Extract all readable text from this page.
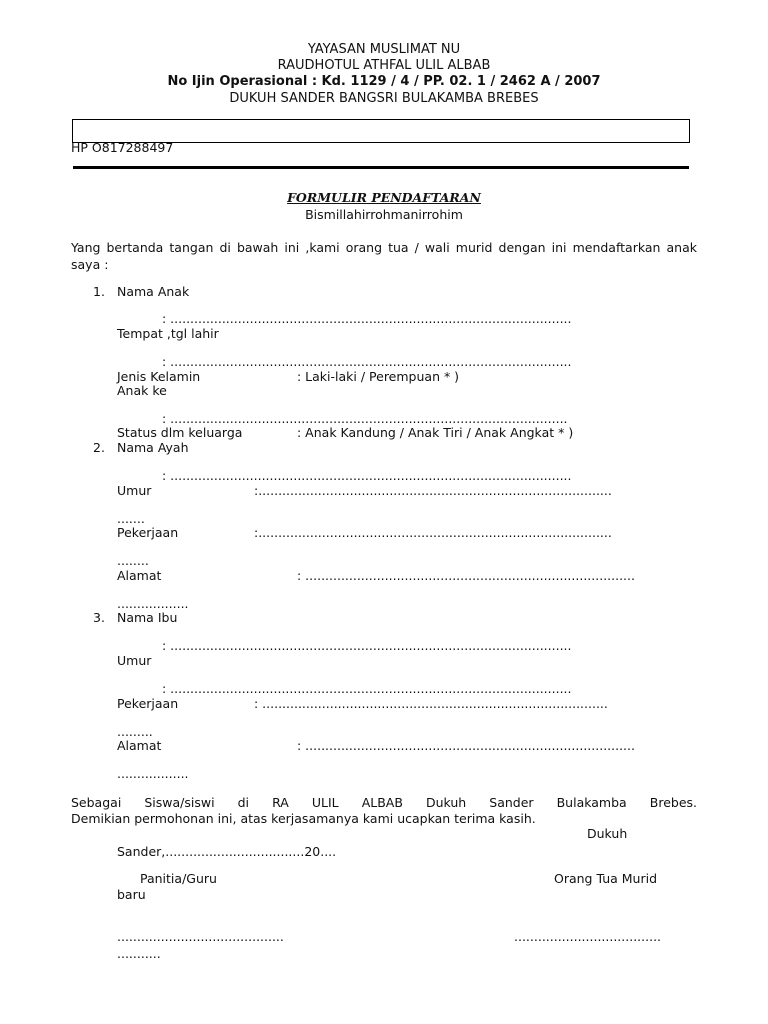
YAYASAN MUSLIMAT NU
RAUDHOTUL ATHFAL ULIL ALBAB
No Ijin Operasional : Kd. 1129 / 4 / PP. 02. 1 / 2462 A / 2007
DUKUH SANDER BANGSRI BULAKAMBA BREBES
HP O817288497
FORMULIR PENDAFTARAN
Bismillahirrohmanirrohim
Yang bertanda tangan di bawah ini ,kami orang tua / wali murid dengan ini mendaftarkan anak saya :
1. Nama Anak
: .....................................................................................................
Tempat ,tgl lahir
: .....................................................................................................
Jenis Kelamin	: Laki-laki / Perempuan * )
Anak ke
: ....................................................................................................
Status dlm keluarga	: Anak Kandung / Anak Tiri / Anak Angkat * )
2. Nama Ayah
: .....................................................................................................
Umur	:.........................................................................................
.......
Pekerjaan	:.........................................................................................
........
Alamat	: ...................................................................................
..................
3. Nama Ibu
: .....................................................................................................
Umur
: .....................................................................................................
Pekerjaan	: .......................................................................................
.........
Alamat	: ...................................................................................
..................
Sebagai Siswa/siswi di RA ULIL ALBAB Dukuh Sander Bulakamba Brebes.
Demikian permohonan ini, atas kerjasamanya kami ucapkan terima kasih.
Dukuh
Sander,...................................20....
Panitia/Guru	Orang Tua Murid
baru
..........................................	.....................................
...........
